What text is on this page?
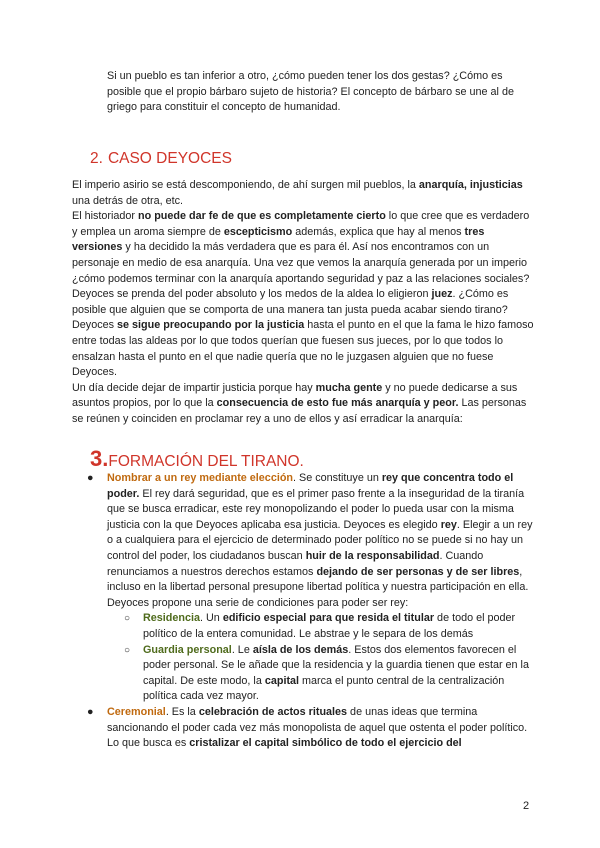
Si un pueblo es tan inferior a otro, ¿cómo pueden tener los dos gestas? ¿Cómo es posible que el propio bárbaro sujeto de historia? El concepto de bárbaro se une al de griego para constituir el concepto de humanidad.

2. CASO DEYOCES

El imperio asirio se está descomponiendo, de ahí surgen mil pueblos, la anarquía, injusticias una detrás de otra, etc.

El historiador no puede dar fe de que es completamente cierto lo que cree que es verdadero y emplea un aroma siempre de escepticismo además, explica que hay al menos tres versiones y ha decidido la más verdadera que es para él. Así nos encontramos con un personaje en medio de esa anarquía. Una vez que vemos la anarquía generada por un imperio ¿cómo podemos terminar con la anarquía aportando seguridad y paz a las relaciones sociales? Deyoces se prenda del poder absoluto y los medos de la aldea lo eligieron juez. ¿Cómo es posible que alguien que se comporta de una manera tan justa pueda acabar siendo tirano? Deyoces se sigue preocupando por la justicia hasta el punto en el que la fama le hizo famoso entre todas las aldeas por lo que todos querían que fuesen sus jueces, por lo que todos lo ensalzan hasta el punto en el que nadie quería que no le juzgasen alguien que no fuese Deyoces.

Un día decide dejar de impartir justicia porque hay mucha gente y no puede dedicarse a sus asuntos propios, por lo que la consecuencia de esto fue más anarquía y peor. Las personas se reúnen y coinciden en proclamar rey a uno de ellos y así erradicar la anarquía:

3.FORMACIÓN DEL TIRANO.
● Nombrar a un rey mediante elección. Se constituye un rey que concentra todo el poder. El rey dará seguridad, que es el primer paso frente a la inseguridad de la tiranía que se busca erradicar, este rey monopolizando el poder lo pueda usar con la misma justicia con la que Deyoces aplicaba esa justicia. Deyoces es elegido rey. Elegir a un rey o a cualquiera para el ejercicio de determinado poder político no se puede si no hay un control del poder, los ciudadanos buscan huir de la responsabilidad. Cuando renunciamos a nuestros derechos estamos dejando de ser personas y de ser libres, incluso en la libertad personal presupone libertad política y nuestra participación en ella. Deyoces propone una serie de condiciones para poder ser rey:
○ Residencia. Un edificio especial para que resida el titular de todo el poder político de la entera comunidad. Le abstrae y le separa de los demás
○ Guardia personal. Le aísla de los demás. Estos dos elementos favorecen el poder personal. Se le añade que la residencia y la guardia tienen que estar en la capital. De este modo, la capital marca el punto central de la centralización política cada vez mayor.
● Ceremonial. Es la celebración de actos rituales de unas ideas que termina sancionando el poder cada vez más monopolista de aquel que ostenta el poder político. Lo que busca es cristalizar el capital simbólico de todo el ejercicio del
2
